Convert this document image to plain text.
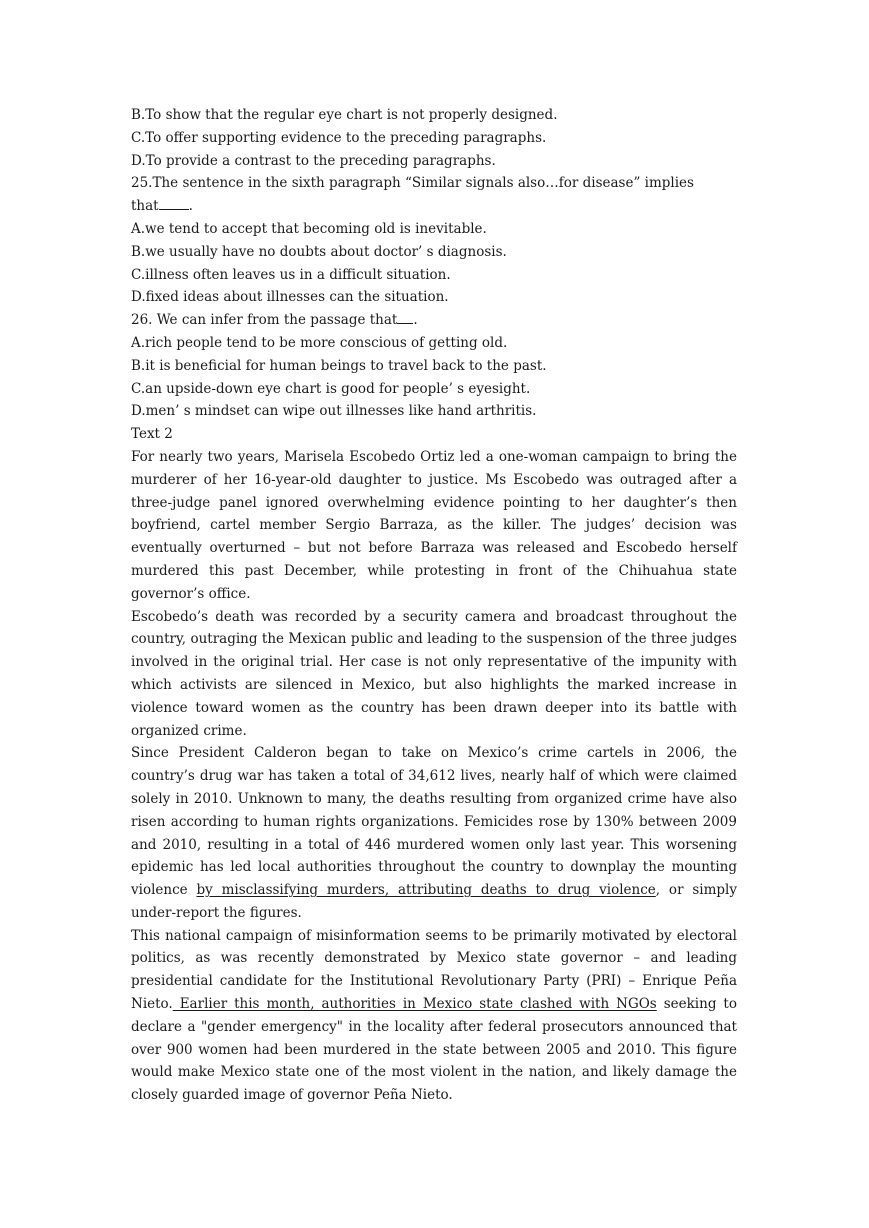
B.To show that the regular eye chart is not properly designed.
C.To offer supporting evidence to the preceding paragraphs.
D.To provide a contrast to the preceding paragraphs.
25.The sentence in the sixth paragraph “Similar signals also…for disease” implies
that .
A.we tend to accept that becoming old is inevitable.
B.we usually have no doubts about doctor’ s diagnosis.
C.illness often leaves us in a difficult situation.
D.fixed ideas about illnesses can the situation.
26. We can infer from the passage that .
A.rich people tend to be more conscious of getting old.
B.it is beneficial for human beings to travel back to the past.
C.an upside-down eye chart is good for people’ s eyesight.
D.men’ s mindset can wipe out illnesses like hand arthritis.
Text 2
For nearly two years, Marisela Escobedo Ortiz led a one-woman campaign to bring the murderer of her 16-year-old daughter to justice. Ms Escobedo was outraged after a three-judge panel ignored overwhelming evidence pointing to her daughter’s then boyfriend, cartel member Sergio Barraza, as the killer. The judges’ decision was eventually overturned – but not before Barraza was released and Escobedo herself murdered this past December, while protesting in front of the Chihuahua state governor’s office.
Escobedo’s death was recorded by a security camera and broadcast throughout the country, outraging the Mexican public and leading to the suspension of the three judges involved in the original trial. Her case is not only representative of the impunity with which activists are silenced in Mexico, but also highlights the marked increase in violence toward women as the country has been drawn deeper into its battle with organized crime.
Since President Calderon began to take on Mexico’s crime cartels in 2006, the country’s drug war has taken a total of 34,612 lives, nearly half of which were claimed solely in 2010. Unknown to many, the deaths resulting from organized crime have also risen according to human rights organizations. Femicides rose by 130% between 2009 and 2010, resulting in a total of 446 murdered women only last year. This worsening epidemic has led local authorities throughout the country to downplay the mounting violence by misclassifying murders, attributing deaths to drug violence, or simply under-report the figures.
This national campaign of misinformation seems to be primarily motivated by electoral politics, as was recently demonstrated by Mexico state governor – and leading presidential candidate for the Institutional Revolutionary Party (PRI) – Enrique Peña Nieto. Earlier this month, authorities in Mexico state clashed with NGOs seeking to declare a "gender emergency" in the locality after federal prosecutors announced that over 900 women had been murdered in the state between 2005 and 2010. This figure would make Mexico state one of the most violent in the nation, and likely damage the closely guarded image of governor Peña Nieto.
